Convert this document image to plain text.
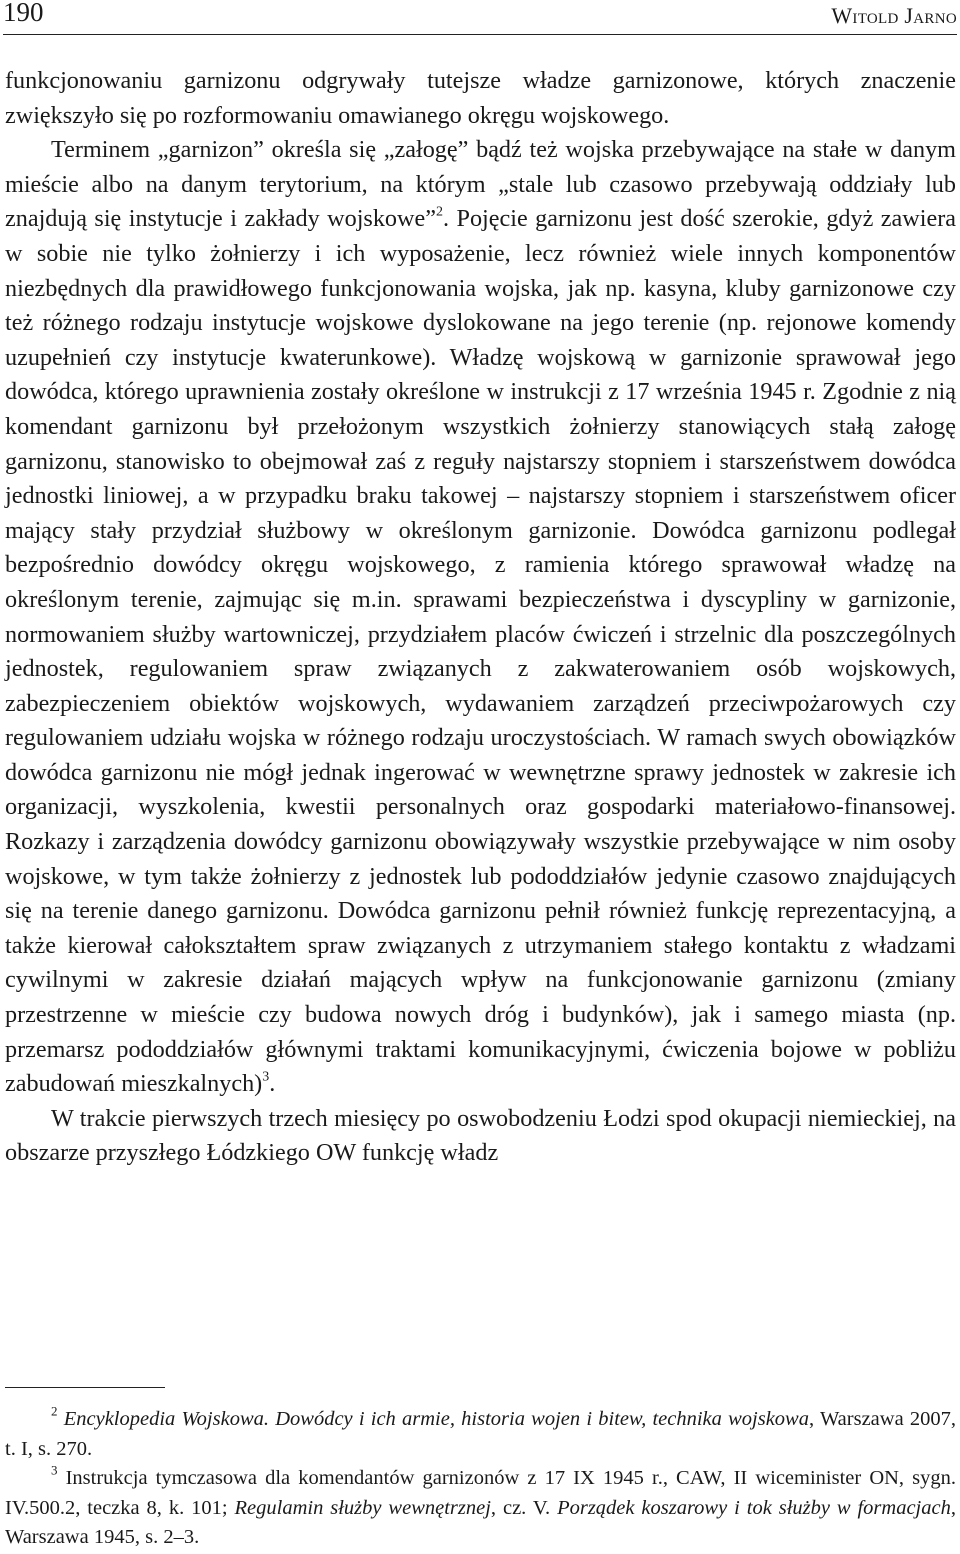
190	Witold Jarno

funkcjonowaniu garnizonu odgrywały tutejsze władze garnizonowe, których znaczenie zwiększyło się po rozformowaniu omawianego okręgu wojskowego.

Terminem „garnizon” określa się „załogę” bądź też wojska przebywające na stałe w danym mieście albo na danym terytorium, na którym „stale lub czasowo przebywają oddziały lub znajdują się instytucje i zakłady wojskowe”$^2$. Pojęcie garnizonu jest dość szerokie, gdyż zawiera w sobie nie tylko żołnierzy i ich wyposażenie, lecz również wiele innych komponentów niezbędnych dla prawidłowego funkcjonowania wojska, jak np. kasyna, kluby garnizonowe czy też różnego rodzaju instytucje wojskowe dyslokowane na jego terenie (np. rejonowe komendy uzupełnień czy instytucje kwaterunkowe). Władzę wojskową w garnizonie sprawował jego dowódca, którego uprawnienia zostały określone w instrukcji z 17 września 1945 r. Zgodnie z nią komendant garnizonu był przełożonym wszystkich żołnierzy stanowiących stałą załogę garnizonu, stanowisko to obejmował zaś z reguły najstarszy stopniem i starszeństwem dowódca jednostki liniowej, a w przypadku braku takowej – najstarszy stopniem i starszeństwem oficer mający stały przydział służbowy w określonym garnizonie. Dowódca garnizonu podlegał bezpośrednio dowódcy okręgu wojskowego, z ramienia którego sprawował władzę na określonym terenie, zajmując się m.in. sprawami bezpieczeństwa i dyscypliny w garnizonie, normowaniem służby wartowniczej, przydziałem placów ćwiczeń i strzelnic dla poszczególnych jednostek, regulowaniem spraw związanych z zakwaterowaniem osób wojskowych, zabezpieczeniem obiektów wojskowych, wydawaniem zarządzeń przeciwpożarowych czy regulowaniem udziału wojska w różnego rodzaju uroczystościach. W ramach swych obowiązków dowódca garnizonu nie mógł jednak ingerować w wewnętrzne sprawy jednostek w zakresie ich organizacji, wyszkolenia, kwestii personalnych oraz gospodarki materiałowo-finansowej. Rozkazy i zarządzenia dowódcy garnizonu obowiązywały wszystkie przebywające w nim osoby wojskowe, w tym także żołnierzy z jednostek lub pododdziałów jedynie czasowo znajdujących się na terenie danego garnizonu. Dowódca garnizonu pełnił również funkcję reprezentacyjną, a także kierował całokształtem spraw związanych z utrzymaniem stałego kontaktu z władzami cywilnymi w zakresie działań mających wpływ na funkcjonowanie garnizonu (zmiany przestrzenne w mieście czy budowa nowych dróg i budynków), jak i samego miasta (np. przemarsz pododdziałów głównymi traktami komunikacyjnymi, ćwiczenia bojowe w pobliżu zabudowań mieszkalnych)$^3$.

W trakcie pierwszych trzech miesięcy po oswobodzeniu Łodzi spod okupacji niemieckiej, na obszarze przyszłego Łódzkiego OW funkcję władz

$^2$ Encyklopedia Wojskowa. Dowódcy i ich armie, historia wojen i bitew, technika wojskowa, Warszawa 2007, t. I, s. 270.

$^3$ Instrukcja tymczasowa dla komendantów garnizonów z 17 IX 1945 r., CAW, II wiceminister ON, sygn. IV.500.2, teczka 8, k. 101; Regulamin służby wewnętrznej, cz. V. Porządek koszarowy i tok służby w formacjach, Warszawa 1945, s. 2–3.
